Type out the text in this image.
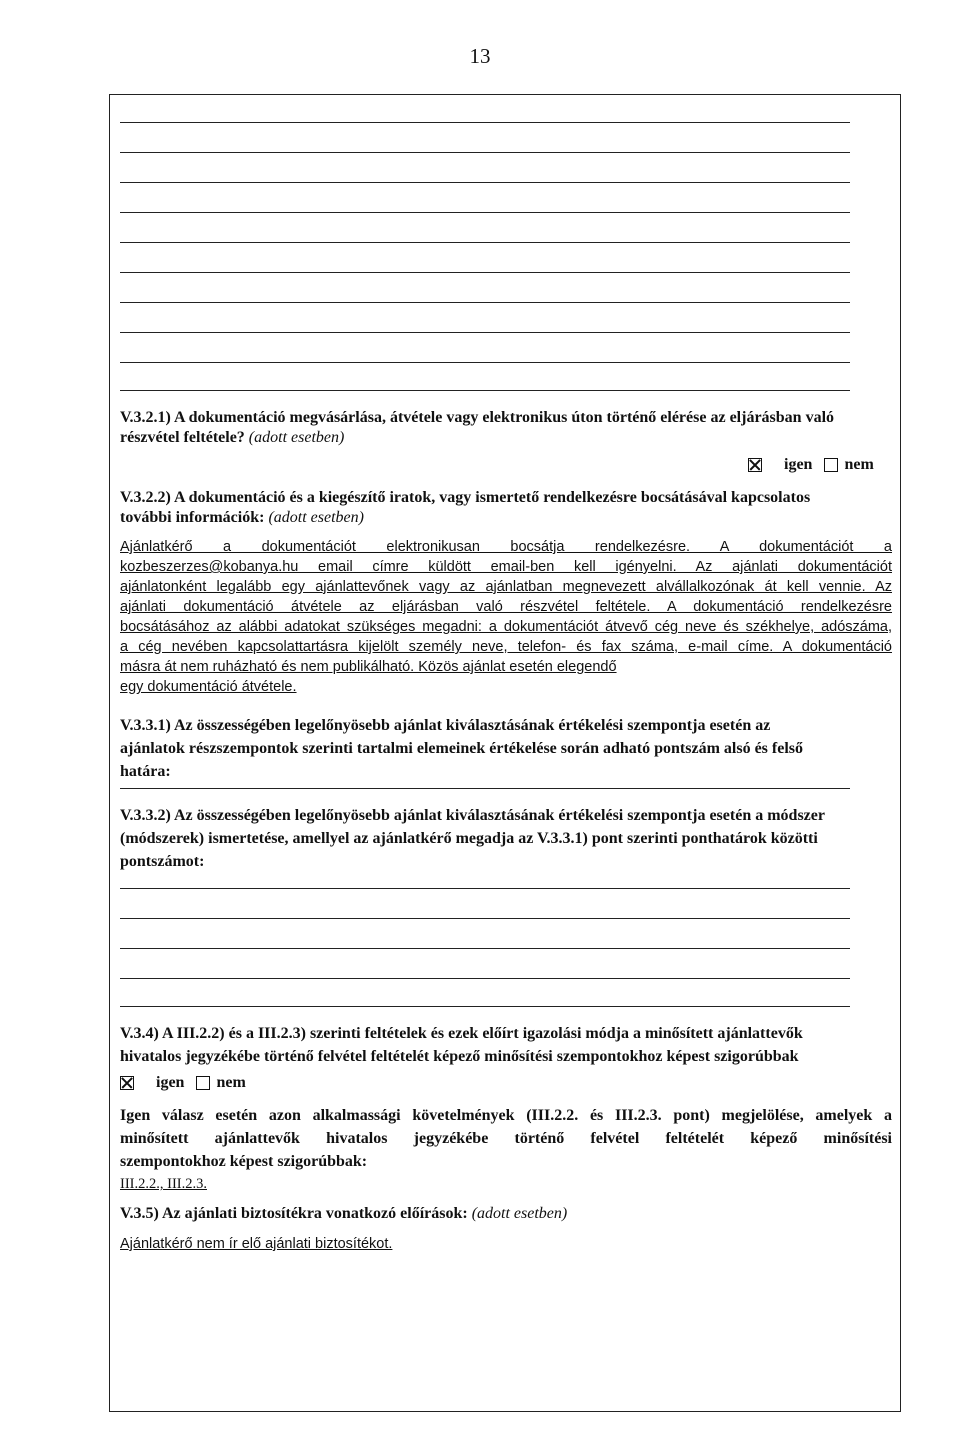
13
V.3.2.1) A dokumentáció megvásárlása, átvétele vagy elektronikus úton történő elérése az eljárásban való
részvétel feltétele? (adott esetben)
igen nem
V.3.2.2) A dokumentáció és a kiegészítő iratok, vagy ismertető rendelkezésre bocsátásával kapcsolatos
további információk: (adott esetben)
Ajánlatkérő a dokumentációt elektronikusan bocsátja rendelkezésre. A dokumentációt a
kozbeszerzes@kobanya.hu email címre küldött email-ben kell igényelni. Az ajánlati dokumentációt
ajánlatonként legalább egy ajánlattevőnek vagy az ajánlatban megnevezett alvállalkozónak át kell vennie. Az
ajánlati dokumentáció átvétele az eljárásban való részvétel feltétele. A dokumentáció rendelkezésre
bocsátásához az alábbi adatokat szükséges megadni: a dokumentációt átvevő cég neve és székhelye, adószáma,
a cég nevében kapcsolattartásra kijelölt személy neve, telefon- és fax száma, e-mail címe. A dokumentáció
másra át nem ruházható és nem publikálható. Közös ajánlat esetén elegendő
egy dokumentáció átvétele.
V.3.3.1) Az összességében legelőnyösebb ajánlat kiválasztásának értékelési szempontja esetén az
ajánlatok részszempontok szerinti tartalmi elemeinek értékelése során adható pontszám alsó és felső
határa:
V.3.3.2) Az összességében legelőnyösebb ajánlat kiválasztásának értékelési szempontja esetén a módszer
(módszerek) ismertetése, amellyel az ajánlatkérő megadja az V.3.3.1) pont szerinti ponthatárok közötti
pontszámot:
V.3.4) A III.2.2) és a III.2.3) szerinti feltételek és ezek előírt igazolási módja a minősített ajánlattevők
hivatalos jegyzékébe történő felvétel feltételét képező minősítési szempontokhoz képest szigorúbbak
igen nem
Igen válasz esetén azon alkalmassági követelmények (III.2.2. és III.2.3. pont) megjelölése, amelyek a
minősített ajánlattevők hivatalos jegyzékébe történő felvétel feltételét képező minősítési
szempontokhoz képest szigorúbbak:
III.2.2., III.2.3.
V.3.5) Az ajánlati biztosítékra vonatkozó előírások: (adott esetben)
Ajánlatkérő nem ír elő ajánlati biztosítékot.
